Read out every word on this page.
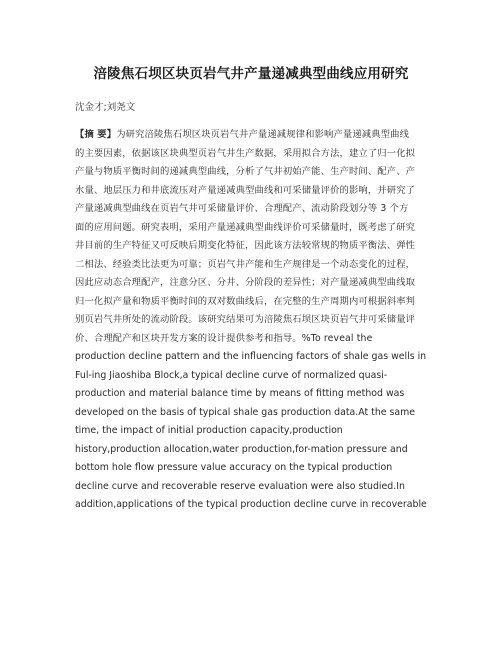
涪陵焦石坝区块页岩气井产量递减典型曲线应用研究
沈金才;刘尧文
【摘 要】为研究涪陵焦石坝区块页岩气井产量递减规律和影响产量递减典型曲线
的主要因素，依据该区块典型页岩气井生产数据，采用拟合方法，建立了归一化拟
产量与物质平衡时间的递减典型曲线，分析了气井初始产能、生产时间、配产、产
水量、地层压力和井底流压对产量递减典型曲线和可采储量评价的影响，并研究了
产量递减典型曲线在页岩气井可采储量评价、合理配产、流动阶段划分等 3 个方
面的应用问题。研究表明，采用产量递减典型曲线评价可采储量时，既考虑了研究
井目前的生产特征又可反映后期变化特征，因此该方法较常规的物质平衡法、弹性
二相法、经验类比法更为可靠；页岩气井产能和生产规律是一个动态变化的过程，
因此应动态合理配产，注意分区、分井、分阶段的差异性；对产量递减典型曲线取
归一化拟产量和物质平衡时间的双对数曲线后，在完整的生产周期内可根据斜率判
别页岩气井所处的流动阶段。该研究结果可为涪陵焦石坝区块页岩气井可采储量评
价、合理配产和区块开发方案的设计提供参考和指导。%To reveal the
production decline pattern and the influencing factors of shale gas wells in
Ful-ing Jiaoshiba Block,a typical decline curve of normalized quasi-
production and material balance time by means of fitting method was
developed on the basis of typical shale gas production data.At the same
time, the impact of initial production capacity,production
history,production allocation,water production,for-mation pressure and
bottom hole flow pressure value accuracy on the typical production
decline curve and recoverable reserve evaluation were also studied.In
addition,applications of the typical production decline curve in recoverable
